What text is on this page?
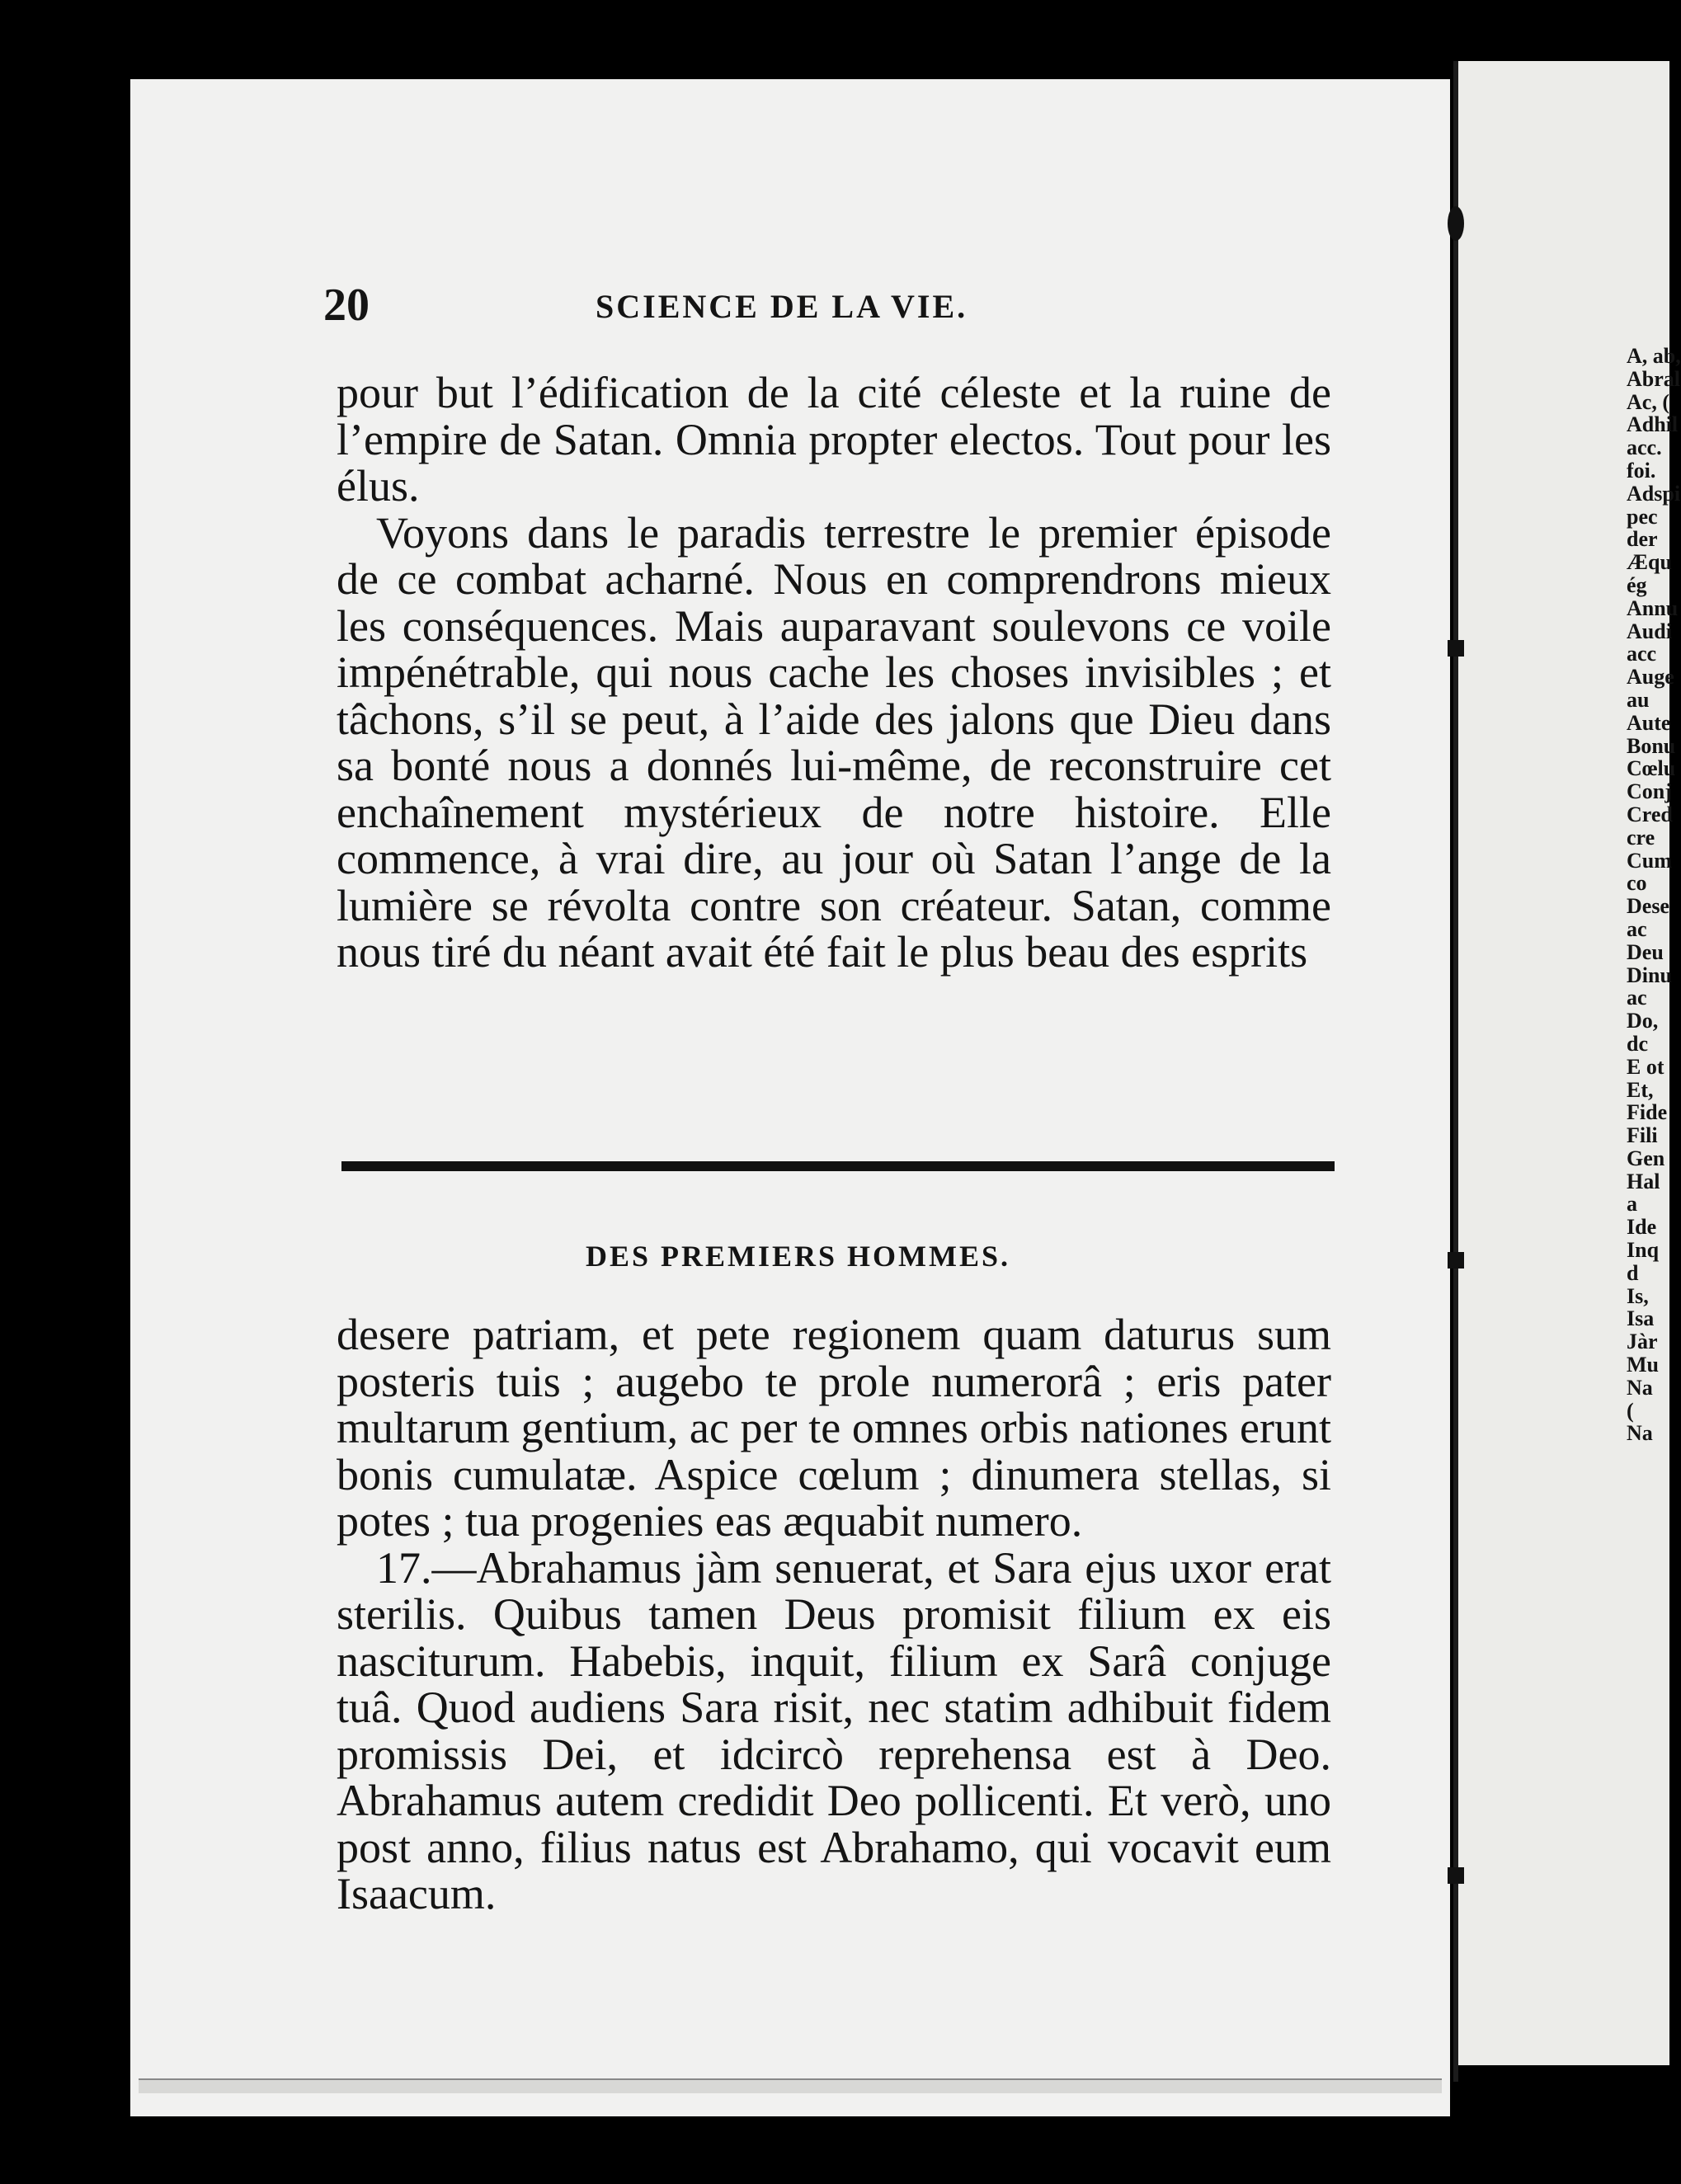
20	SCIENCE DE LA VIE.

pour but l’édification de la cité céleste et la ruine de l’empire de Satan. Omnia propter electos. Tout pour les élus.

Voyons dans le paradis terrestre le premier épisode de ce combat acharné. Nous en comprendrons mieux les conséquences. Mais auparavant soulevons ce voile impénétrable, qui nous cache les choses invisibles ; et tâchons, s’il se peut, à l’aide des jalons que Dieu dans sa bonté nous a donnés lui-même, de reconstruire cet enchaînement mystérieux de notre histoire. Elle commence, à vrai dire, au jour où Satan l’ange de la lumière se révolta contre son créateur. Satan, comme nous tiré du néant avait été fait le plus beau des esprits

DES PREMIERS HOMMES.

desere patriam, et pete regionem quam daturus sum posteris tuis ; augebo te prole numerorâ ; eris pater multarum gentium, ac per te omnes orbis nationes erunt bonis cumulatæ. Aspice cœlum ; dinumera stellas, si potes ; tua progenies eas æquabit numero.

17.—Abrahamus jàm senuerat, et Sara ejus uxor erat sterilis. Quibus tamen Deus promisit filium ex eis nasciturum. Habebis, inquit, filium ex Sarâ conjuge tuâ. Quod audiens Sara risit, nec statim adhibuit fidem promissis Dei, et idcircò reprehensa est à Deo. Abrahamus autem credidit Deo pollicenti. Et verò, uno post anno, filius natus est Abrahamo, qui vocavit eum Isaacum.

A, ab,
Abral
Ac, (
Adhil
acc.
foi.
Adspi
pec
der
Æqu
ég
Annu
Audi
acc
Auge
au
Aute
Bonu
Cœlu
Conj
Cred
cre
Cum
co
Dese
ac
Deu
Dinu
ac
Do,
dc
E ot
Et,
Fide
Fili
Gen
Hal
a
Ide
Inq
d
Is,
Isa
Jàr
Mu
Na
(
Na
